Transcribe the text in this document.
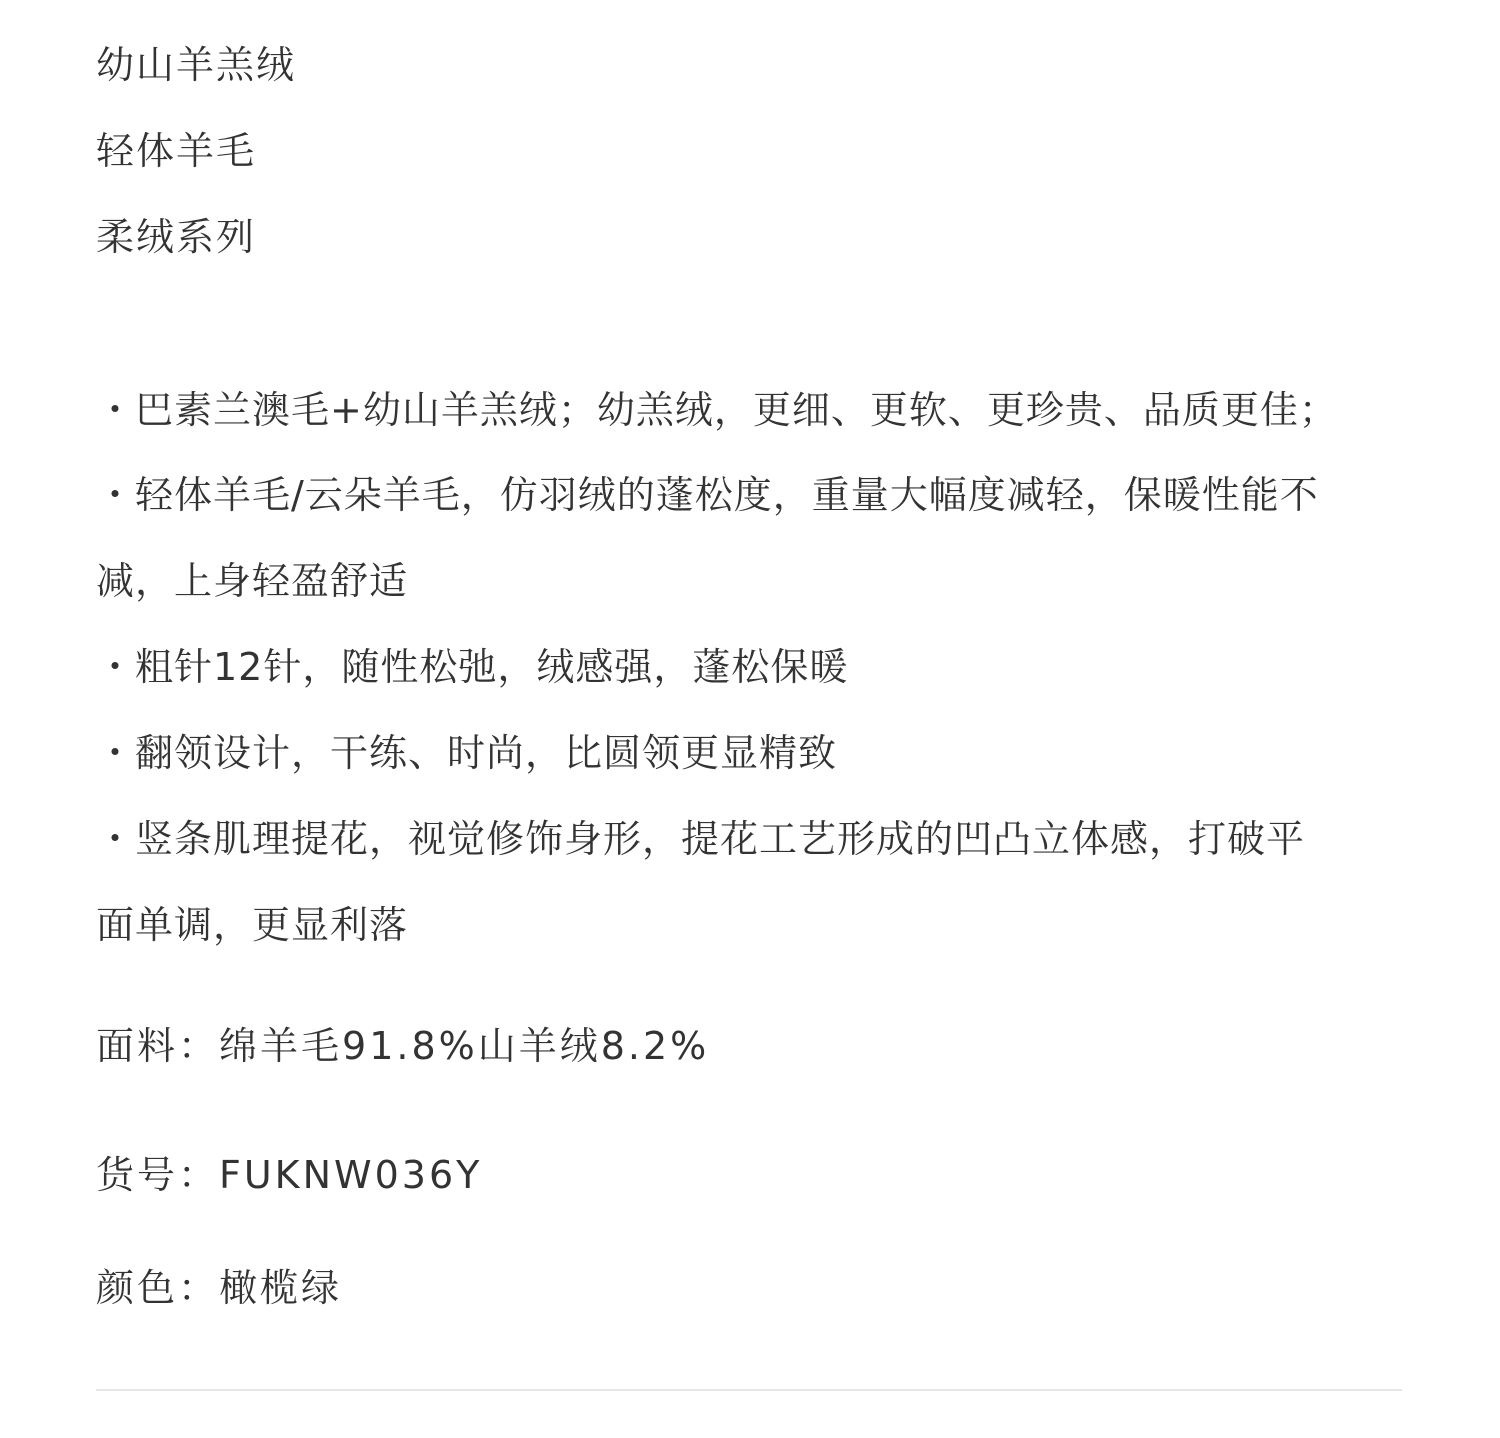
幼山羊羔绒
轻体羊毛
柔绒系列
・巴素兰澳毛+幼山羊羔绒；幼羔绒，更细、更软、更珍贵、品质更佳；
・轻体羊毛/云朵羊毛，仿羽绒的蓬松度，重量大幅度减轻，保暖性能不
减，上身轻盈舒适
・粗针12针，随性松弛，绒感强，蓬松保暖
・翻领设计，干练、时尚，比圆领更显精致
・竖条肌理提花，视觉修饰身形，提花工艺形成的凹凸立体感，打破平
面单调，更显利落
面料：绵羊毛91.8%山羊绒8.2%
货号：FUKNW036Y
颜色：橄榄绿
